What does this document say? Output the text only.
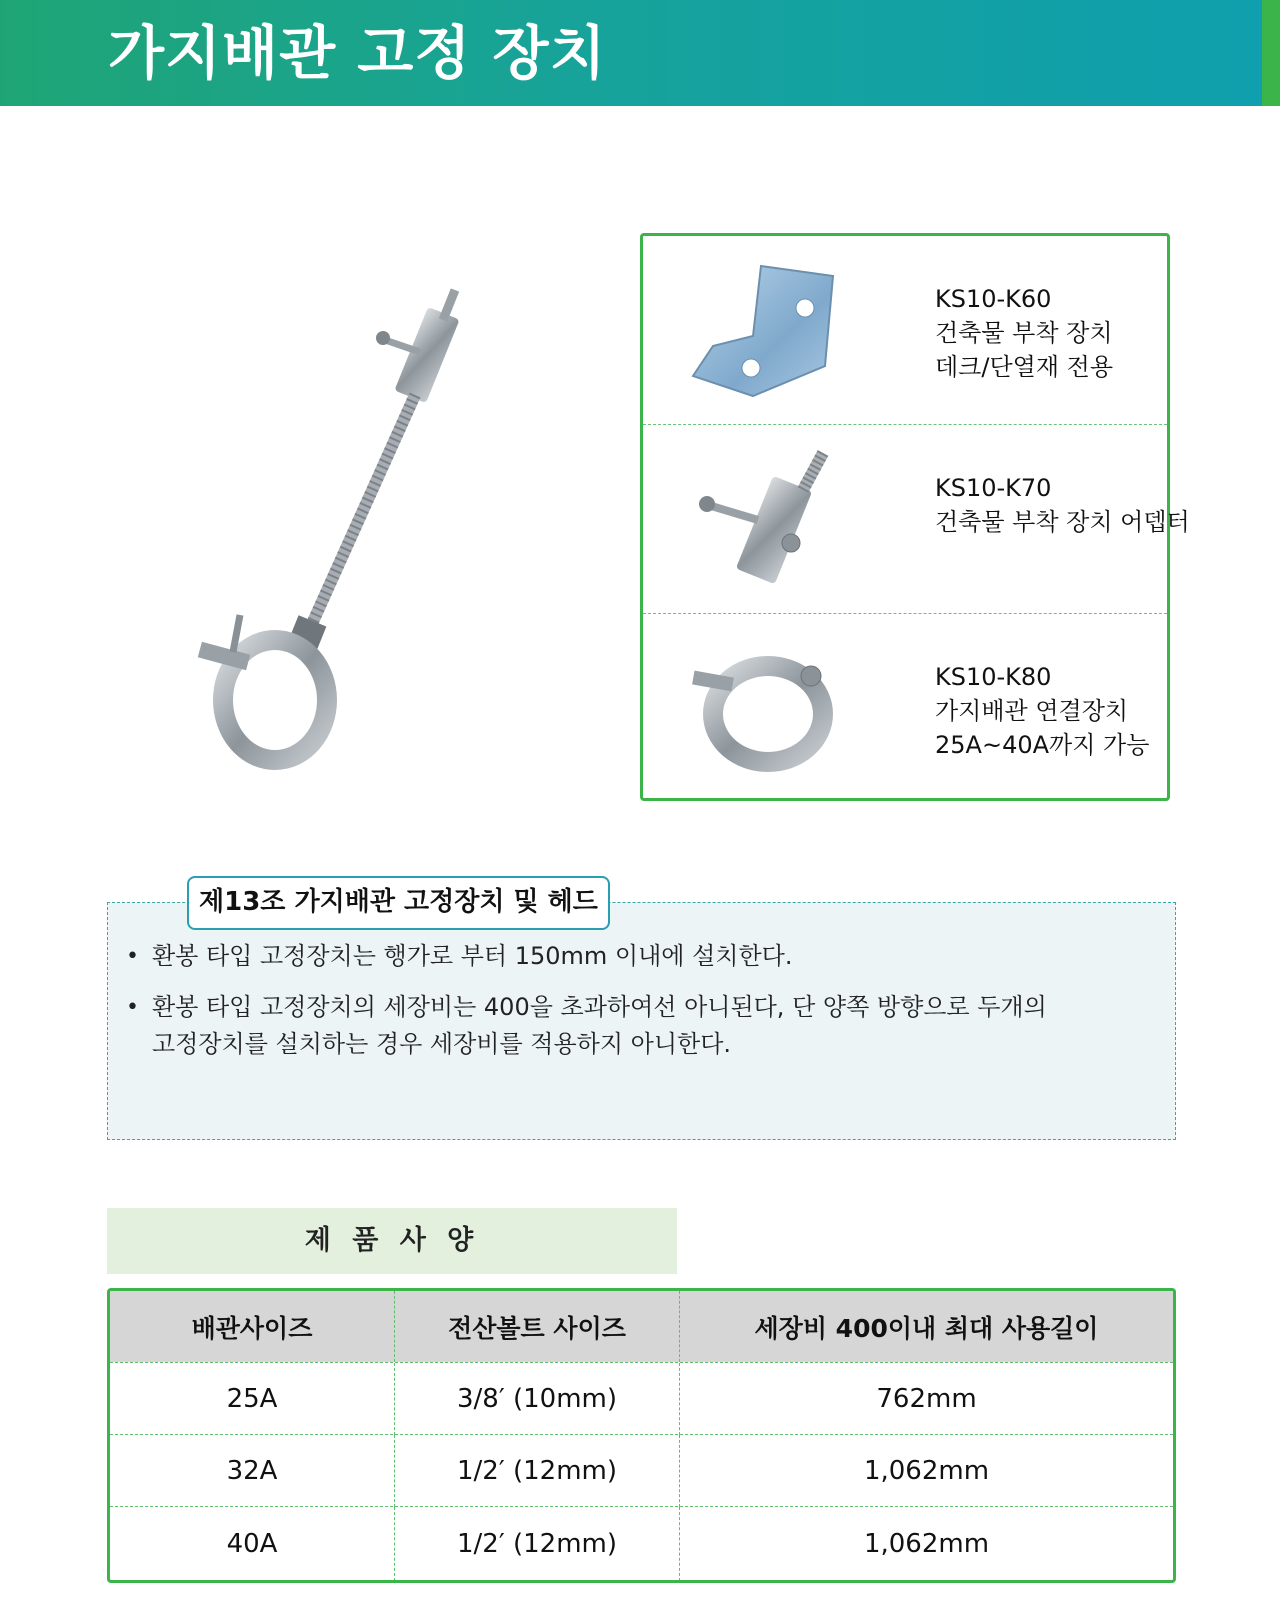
가지배관 고정 장치
KS10-K60
건축물 부착 장치
데크/단열재 전용
KS10-K70
건축물 부착 장치 어뎁터
KS10-K80
가지배관 연결장치
25A~40A까지 가능
제13조 가지배관 고정장치 및 헤드
• 환봉 타입 고정장치는 행가로 부터 150mm 이내에 설치한다.
• 환봉 타입 고정장치의 세장비는 400을 초과하여선 아니된다, 단 양쪽 방향으로 두개의
고정장치를 설치하는 경우 세장비를 적용하지 아니한다.
제 품 사 양
배관사이즈	전산볼트 사이즈	세장비 400이내 최대 사용길이
25A	3/8′ (10mm)	762mm
32A	1/2′ (12mm)	1,062mm
40A	1/2′ (12mm)	1,062mm
